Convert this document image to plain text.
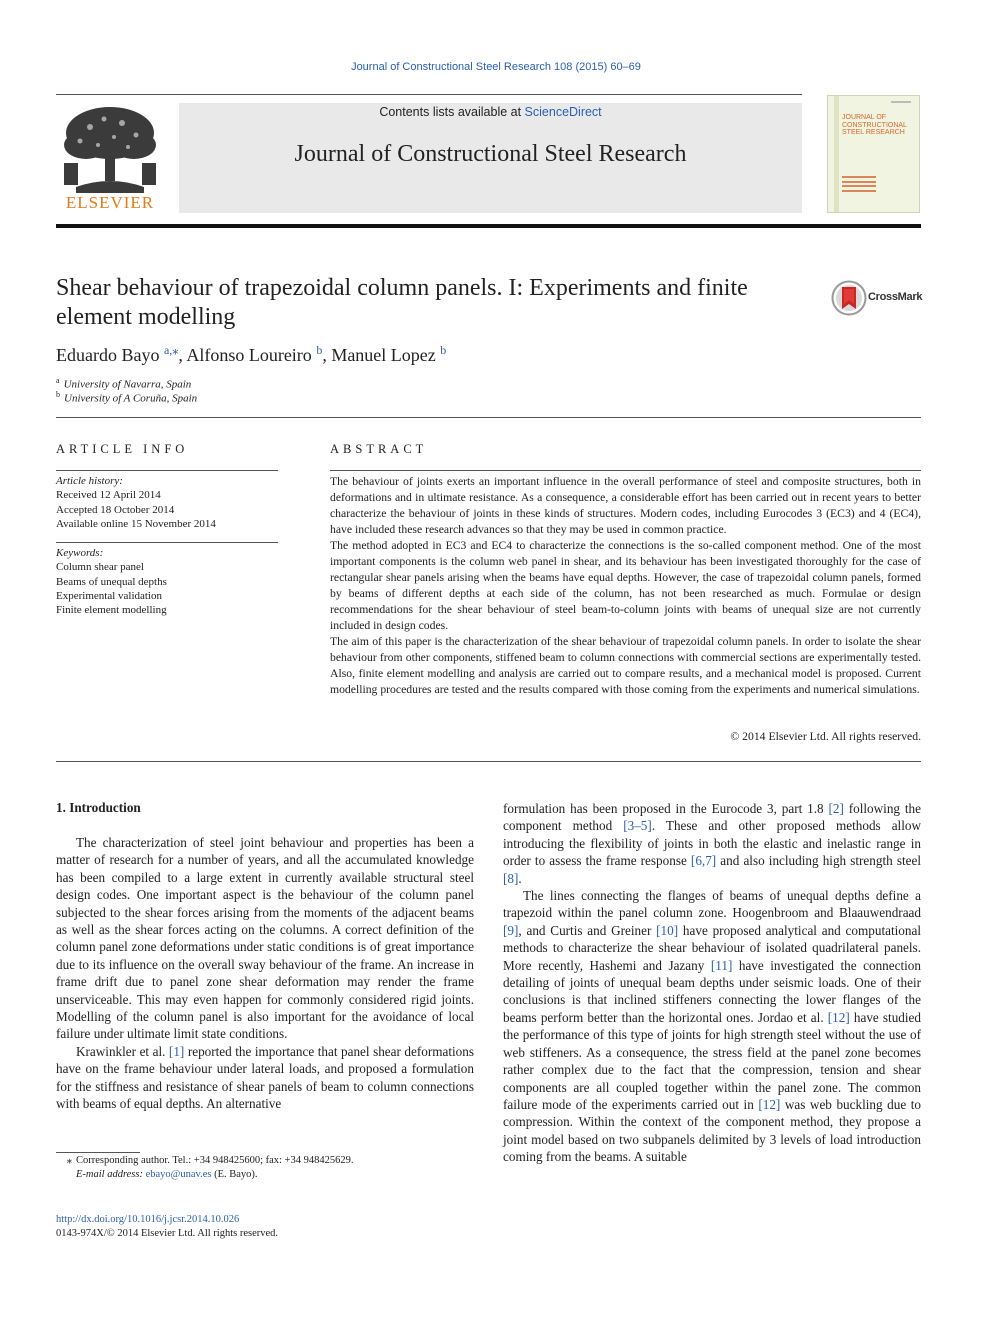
Journal of Constructional Steel Research 108 (2015) 60–69
ELSEVIER
Contents lists available at ScienceDirect
Journal of Constructional Steel Research
JOURNAL OF
CONSTRUCTIONAL
STEEL RESEARCH
Shear behaviour of trapezoidal column panels. I: Experiments and finite element modelling
CrossMark
Eduardo Bayo $^{a,⁎}$, Alfonso Loureiro $^b$, Manuel Lopez $^b$
$^a$ University of Navarra, Spain
$^b$ University of A Coruña, Spain
ARTICLE INFO	ABSTRACT
Article history:
Received 12 April 2014
Accepted 18 October 2014
Available online 15 November 2014
Keywords:
Column shear panel
Beams of unequal depths
Experimental validation
Finite element modelling

The behaviour of joints exerts an important influence in the overall performance of steel and composite structures, both in deformations and in ultimate resistance. As a consequence, a considerable effort has been carried out in recent years to better characterize the behaviour of joints in these kinds of structures. Modern codes, including Eurocodes 3 (EC3) and 4 (EC4), have included these research advances so that they may be used in common practice.

The method adopted in EC3 and EC4 to characterize the connections is the so-called component method. One of the most important components is the column web panel in shear, and its behaviour has been investigated thoroughly for the case of rectangular shear panels arising when the beams have equal depths. However, the case of trapezoidal column panels, formed by beams of different depths at each side of the column, has not been researched as much. Formulae or design recommendations for the shear behaviour of steel beam-to-column joints with beams of unequal size are not currently included in design codes.

The aim of this paper is the characterization of the shear behaviour of trapezoidal column panels. In order to isolate the shear behaviour from other components, stiffened beam to column connections with commercial sections are experimentally tested. Also, finite element modelling and analysis are carried out to compare results, and a mechanical model is proposed. Current modelling procedures are tested and the results compared with those coming from the experiments and numerical simulations.

© 2014 Elsevier Ltd. All rights reserved.
1. Introduction

The characterization of steel joint behaviour and properties has been a matter of research for a number of years, and all the accumulated knowledge has been compiled to a large extent in currently available structural steel design codes. One important aspect is the behaviour of the column panel subjected to the shear forces arising from the moments of the adjacent beams as well as the shear forces acting on the columns. A correct definition of the column panel zone deformations under static conditions is of great importance due to its influence on the overall sway behaviour of the frame. An increase in frame drift due to panel zone shear deformation may render the frame unserviceable. This may even happen for commonly considered rigid joints. Modelling of the column panel is also important for the avoidance of local failure under ultimate limit state conditions.

Krawinkler et al. [1] reported the importance that panel shear deformations have on the frame behaviour under lateral loads, and proposed a formulation for the stiffness and resistance of shear panels of beam to column connections with beams of equal depths. An alternative

formulation has been proposed in the Eurocode 3, part 1.8 [2] following the component method [3–5]. These and other proposed methods allow introducing the flexibility of joints in both the elastic and inelastic range in order to assess the frame response [6,7] and also including high strength steel [8].

The lines connecting the flanges of beams of unequal depths define a trapezoid within the panel column zone. Hoogenbroom and Blaauwendraad [9], and Curtis and Greiner [10] have proposed analytical and computational methods to characterize the shear behaviour of isolated quadrilateral panels. More recently, Hashemi and Jazany [11] have investigated the connection detailing of joints of unequal beam depths under seismic loads. One of their conclusions is that inclined stiffeners connecting the lower flanges of the beams perform better than the horizontal ones. Jordao et al. [12] have studied the performance of this type of joints for high strength steel without the use of web stiffeners. As a consequence, the stress field at the panel zone becomes rather complex due to the fact that the compression, tension and shear components are all coupled together within the panel zone. The common failure mode of the experiments carried out in [12] was web buckling due to compression. Within the context of the component method, they propose a joint model based on two subpanels delimited by 3 levels of load introduction coming from the beams. A suitable

⁎ Corresponding author. Tel.: +34 948425600; fax: +34 948425629.
E-mail address: ebayo@unav.es (E. Bayo).
http://dx.doi.org/10.1016/j.jcsr.2014.10.026
0143-974X/© 2014 Elsevier Ltd. All rights reserved.
